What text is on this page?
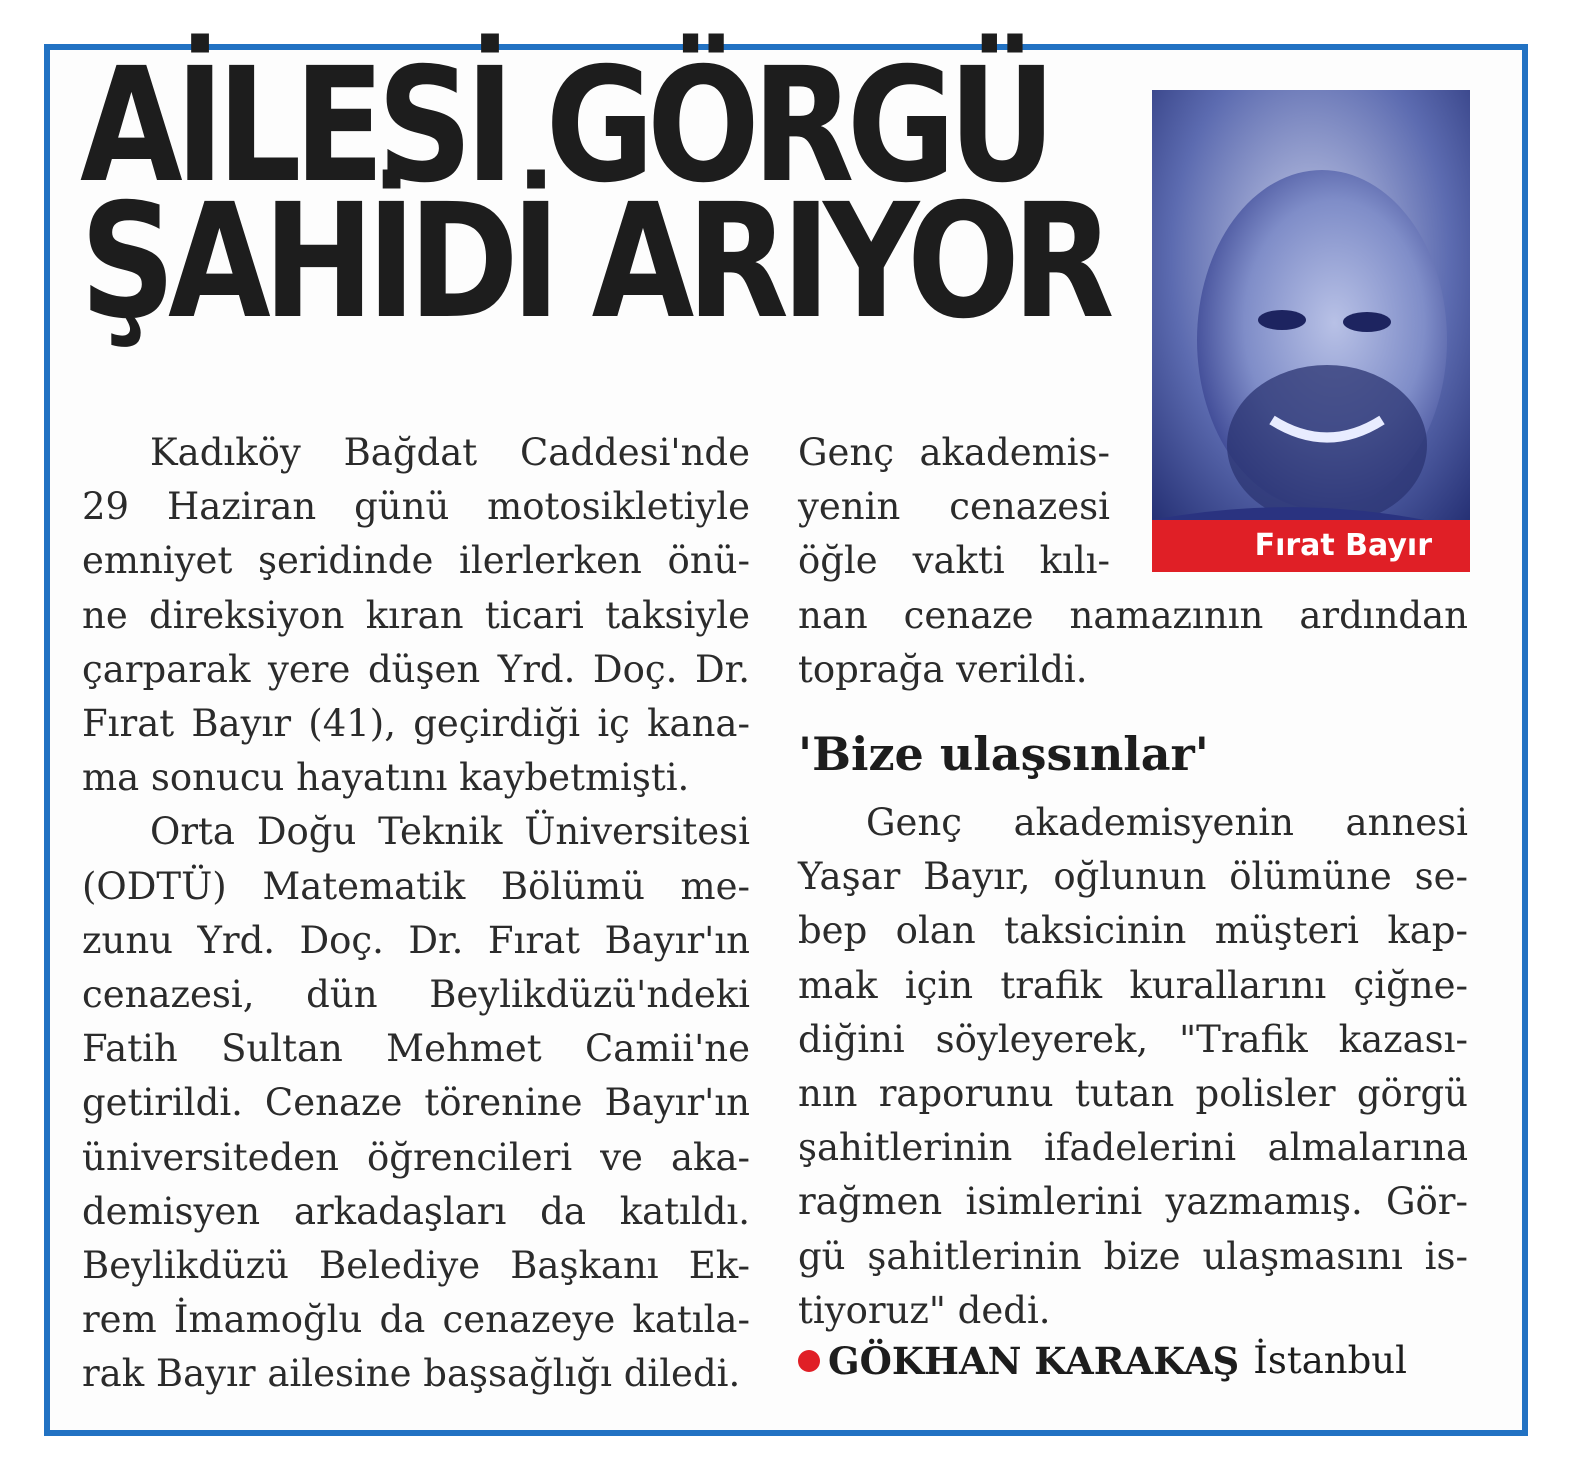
AİLESİ GÖRGÜ
ŞAHİDİ ARIYOR
Fırat Bayır
Kadıköy Bağdat Caddesi'nde
29 Haziran günü motosikletiyle
emniyet şeridinde ilerlerken önü-
ne direksiyon kıran ticari taksiyle
çarparak yere düşen Yrd. Doç. Dr.
Fırat Bayır (41), geçirdiği iç kana-
ma sonucu hayatını kaybetmişti.
Orta Doğu Teknik Üniversitesi
(ODTÜ) Matematik Bölümü me-
zunu Yrd. Doç. Dr. Fırat Bayır'ın
cenazesi, dün Beylikdüzü'ndeki
Fatih Sultan Mehmet Camii'ne
getirildi. Cenaze törenine Bayır'ın
üniversiteden öğrencileri ve aka-
demisyen arkadaşları da katıldı.
Beylikdüzü Belediye Başkanı Ek-
rem İmamoğlu da cenazeye katıla-
rak Bayır ailesine başsağlığı diledi.
Genç akademis-
yenin cenazesi
öğle vakti kılı-
nan cenaze namazının ardından
toprağa verildi.
'Bize ulaşsınlar'
Genç akademisyenin annesi
Yaşar Bayır, oğlunun ölümüne se-
bep olan taksicinin müşteri kap-
mak için trafik kurallarını çiğne-
diğini söyleyerek, "Trafik kazası-
nın raporunu tutan polisler görgü
şahitlerinin ifadelerini almalarına
rağmen isimlerini yazmamış. Gör-
gü şahitlerinin bize ulaşmasını is-
tiyoruz" dedi.
GÖKHAN KARAKAŞ İstanbul
